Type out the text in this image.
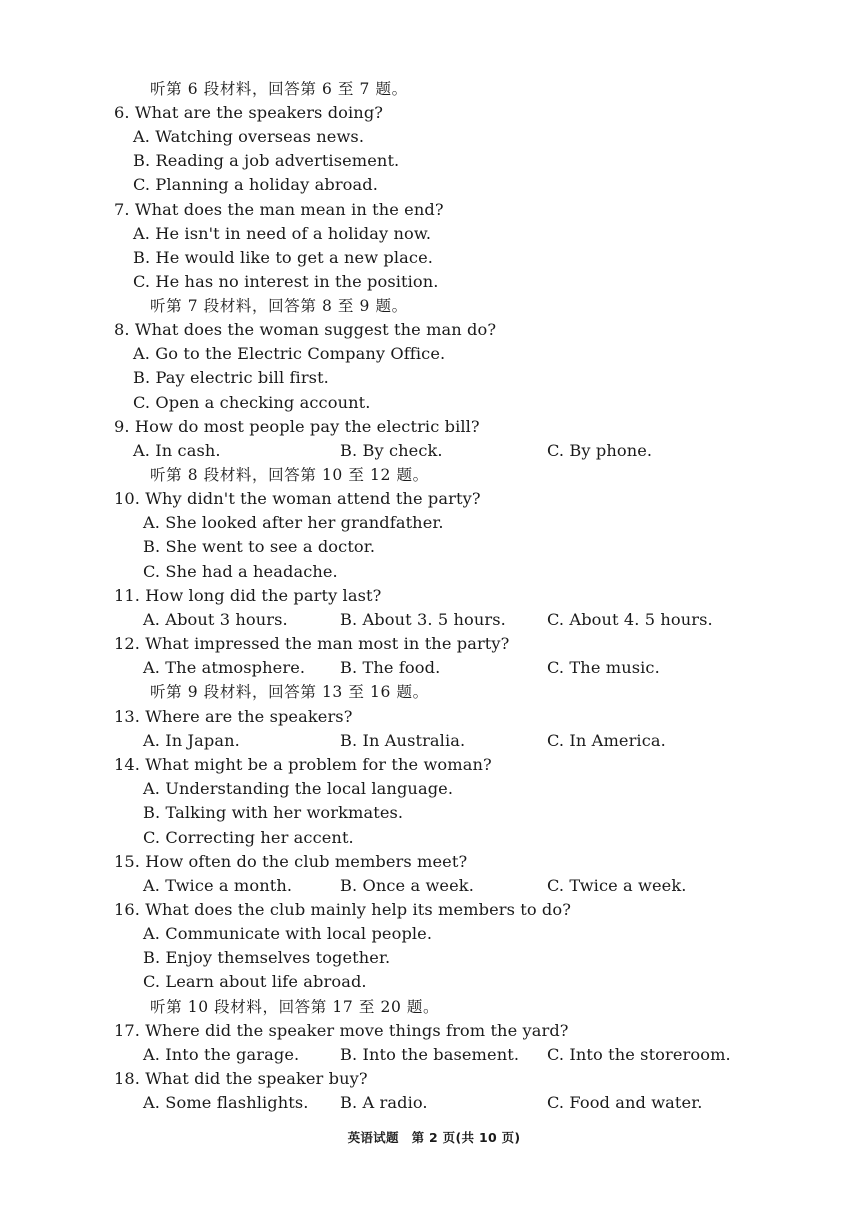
听第 6 段材料，回答第 6 至 7 题。
6. What are the speakers doing?
A. Watching overseas news.
B. Reading a job advertisement.
C. Planning a holiday abroad.
7. What does the man mean in the end?
A. He isn't in need of a holiday now.
B. He would like to get a new place.
C. He has no interest in the position.
听第 7 段材料，回答第 8 至 9 题。
8. What does the woman suggest the man do?
A. Go to the Electric Company Office.
B. Pay electric bill first.
C. Open a checking account.
9. How do most people pay the electric bill?
A. In cash.	B. By check.	C. By phone.
听第 8 段材料，回答第 10 至 12 题。
10. Why didn't the woman attend the party?
A. She looked after her grandfather.
B. She went to see a doctor.
C. She had a headache.
11. How long did the party last?
A. About 3 hours.	B. About 3. 5 hours.	C. About 4. 5 hours.
12. What impressed the man most in the party?
A. The atmosphere. B. The food.	C. The music.
听第 9 段材料，回答第 13 至 16 题。
13. Where are the speakers?
A. In Japan.	B. In Australia.	C. In America.
14. What might be a problem for the woman?
A. Understanding the local language.
B. Talking with her workmates.
C. Correcting her accent.
15. How often do the club members meet?
A. Twice a month.	B. Once a week.	C. Twice a week.
16. What does the club mainly help its members to do?
A. Communicate with local people.
B. Enjoy themselves together.
C. Learn about life abroad.
听第 10 段材料，回答第 17 至 20 题。
17. Where did the speaker move things from the yard?
A. Into the garage.	B. Into the basement. C. Into the storeroom.
18. What did the speaker buy?
A. Some flashlights. B. A radio.	C. Food and water.
英语试题　第 2 页(共 10 页)
